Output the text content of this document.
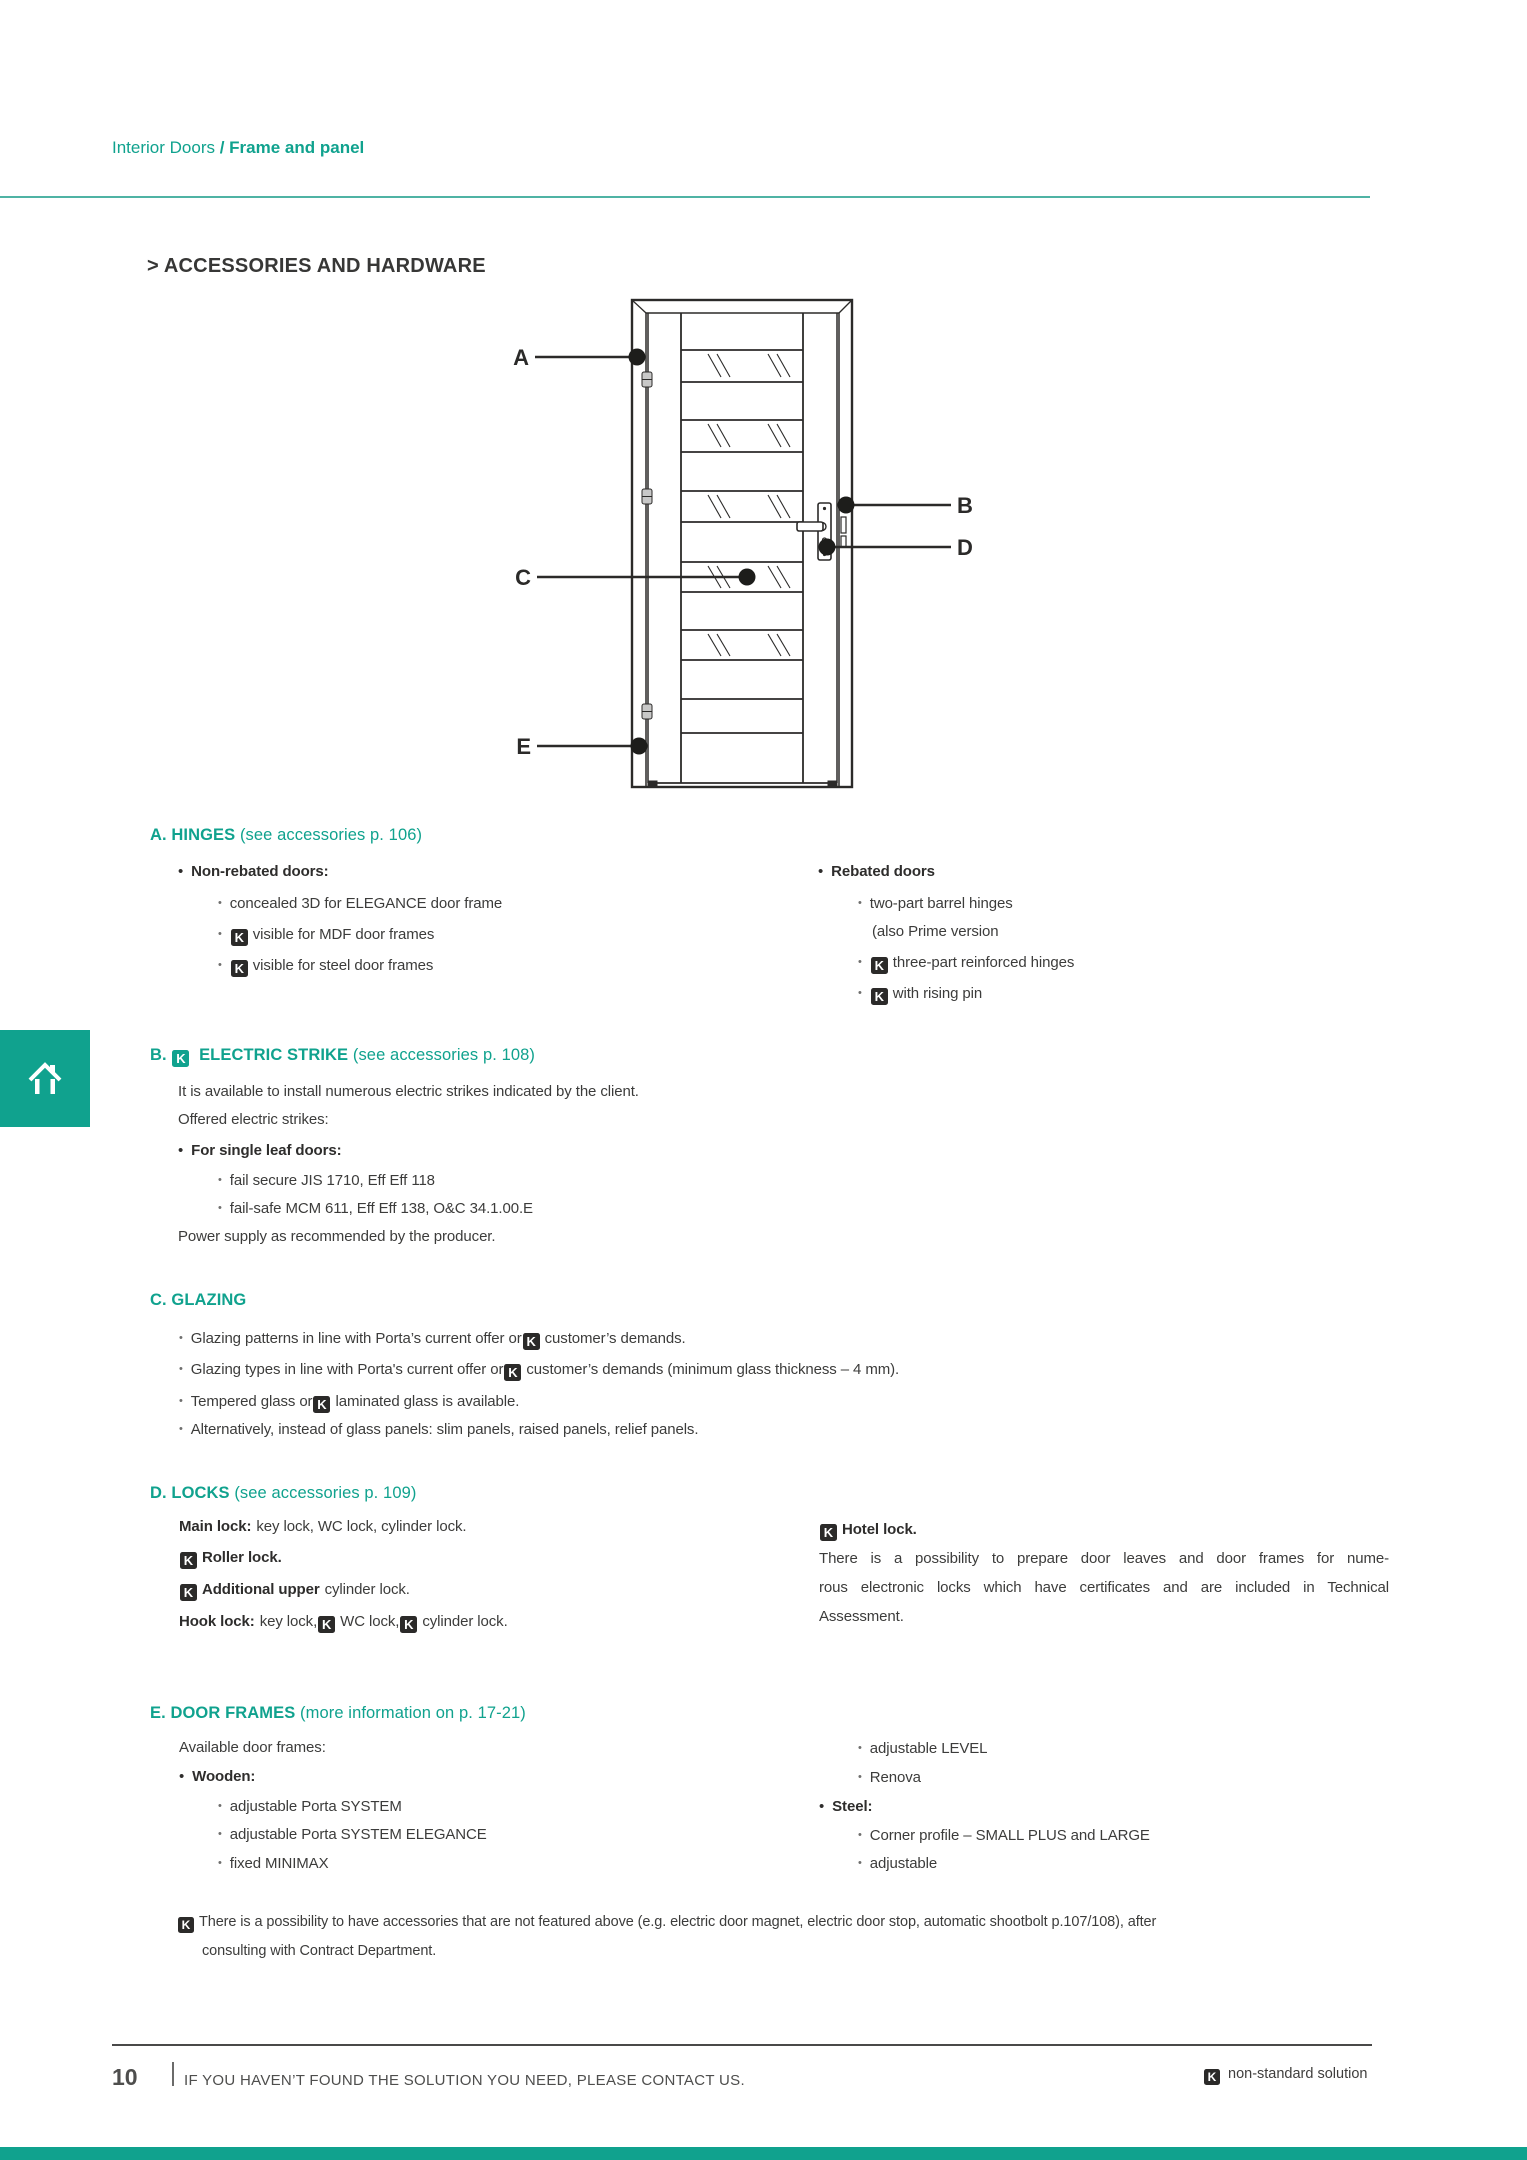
Interior Doors / Frame and panel
> ACCESSORIES AND HARDWARE
A
B
C
D
E
A. HINGES (see accessories p. 106)
• Non-rebated doors:
• concealed 3D for ELEGANCE door frame
• K visible for MDF door frames
• K visible for steel door frames
• Rebated doors
• two-part barrel hinges
(also Prime version
• K three-part reinforced hinges
• K with rising pin
B. K ELECTRIC STRIKE (see accessories p. 108)
It is available to install numerous electric strikes indicated by the client.
Offered electric strikes:
• For single leaf doors:
• fail secure JIS 1710, Eff Eff 118
• fail-safe MCM 611, Eff Eff 138, O&C 34.1.00.E
Power supply as recommended by the producer.
C. GLAZING
• Glazing patterns in line with Porta’s current offer or K customer’s demands.
• Glazing types in line with Porta's current offer or K customer’s demands (minimum glass thickness – 4 mm).
• Tempered glass or K laminated glass is available.
• Alternatively, instead of glass panels: slim panels, raised panels, relief panels.
D. LOCKS (see accessories p. 109)
Main lock: key lock, WC lock, cylinder lock.
K Roller lock.
K Additional upper cylinder lock.
Hook lock: key lock, K WC lock, K cylinder lock.
K Hotel lock.
There is a possibility to prepare door leaves and door frames for nume-
rous electronic locks which have certificates and are included in Technical
Assessment.
E. DOOR FRAMES (more information on p. 17-21)
Available door frames:
• Wooden:
• adjustable Porta SYSTEM
• adjustable Porta SYSTEM ELEGANCE
• fixed MINIMAX
• adjustable LEVEL
• Renova
• Steel:
• Corner profile – SMALL PLUS and LARGE
• adjustable
K There is a possibility to have accessories that are not featured above (e.g. electric door magnet, electric door stop, automatic shootbolt p.107/108), after
consulting with Contract Department.
10	IF YOU HAVEN’T FOUND THE SOLUTION YOU NEED, PLEASE CONTACT US.	K non-standard solution
